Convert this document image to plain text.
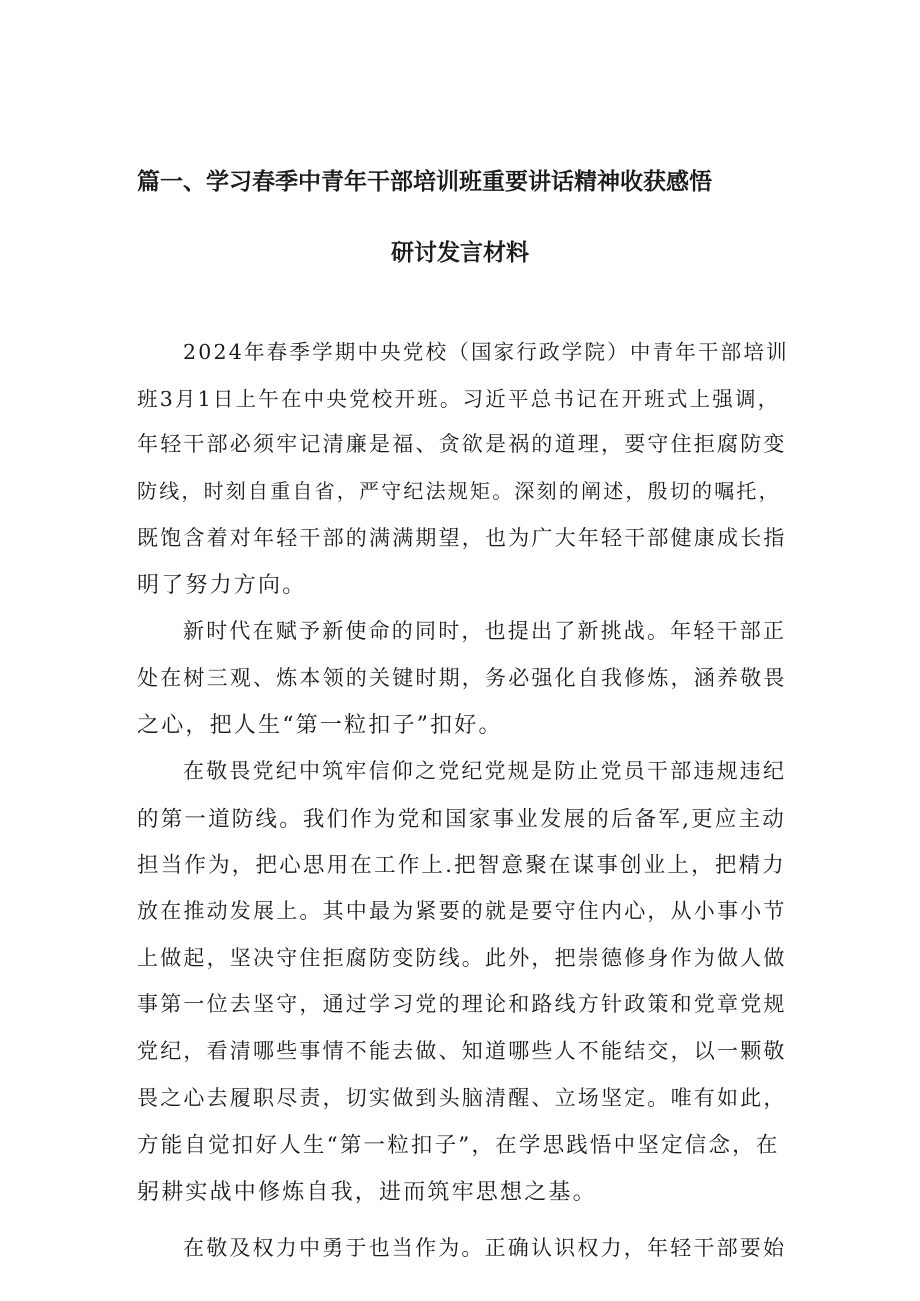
篇一、学习春季中青年干部培训班重要讲话精神收获感悟
研讨发言材料
2024年春季学期中央党校（国家行政学院）中青年干部培训
班3月1日上午在中央党校开班。习近平总书记在开班式上强调，
年轻干部必须牢记清廉是福、贪欲是祸的道理，要守住拒腐防变
防线，时刻自重自省，严守纪法规矩。深刻的阐述，殷切的嘱托，
既饱含着对年轻干部的满满期望，也为广大年轻干部健康成长指
明了努力方向。
新时代在赋予新使命的同时，也提出了新挑战。年轻干部正
处在树三观、炼本领的关键时期，务必强化自我修炼，涵养敬畏
之心，把人生“第一粒扣子”扣好。
在敬畏党纪中筑牢信仰之党纪党规是防止党员干部违规违纪
的第一道防线。我们作为党和国家事业发展的后备军,更应主动
担当作为，把心思用在工作上.把智意聚在谋事创业上，把精力
放在推动发展上。其中最为紧要的就是要守住内心，从小事小节
上做起，坚决守住拒腐防变防线。此外，把崇德修身作为做人做
事第一位去坚守，通过学习党的理论和路线方针政策和党章党规
党纪，看清哪些事情不能去做、知道哪些人不能结交，以一颗敬
畏之心去履职尽责，切实做到头脑清醒、立场坚定。唯有如此，
方能自觉扣好人生“第一粒扣子”，在学思践悟中坚定信念，在
躬耕实战中修炼自我，进而筑牢思想之基。
在敬及权力中勇于也当作为。正确认识权力，年轻干部要始
